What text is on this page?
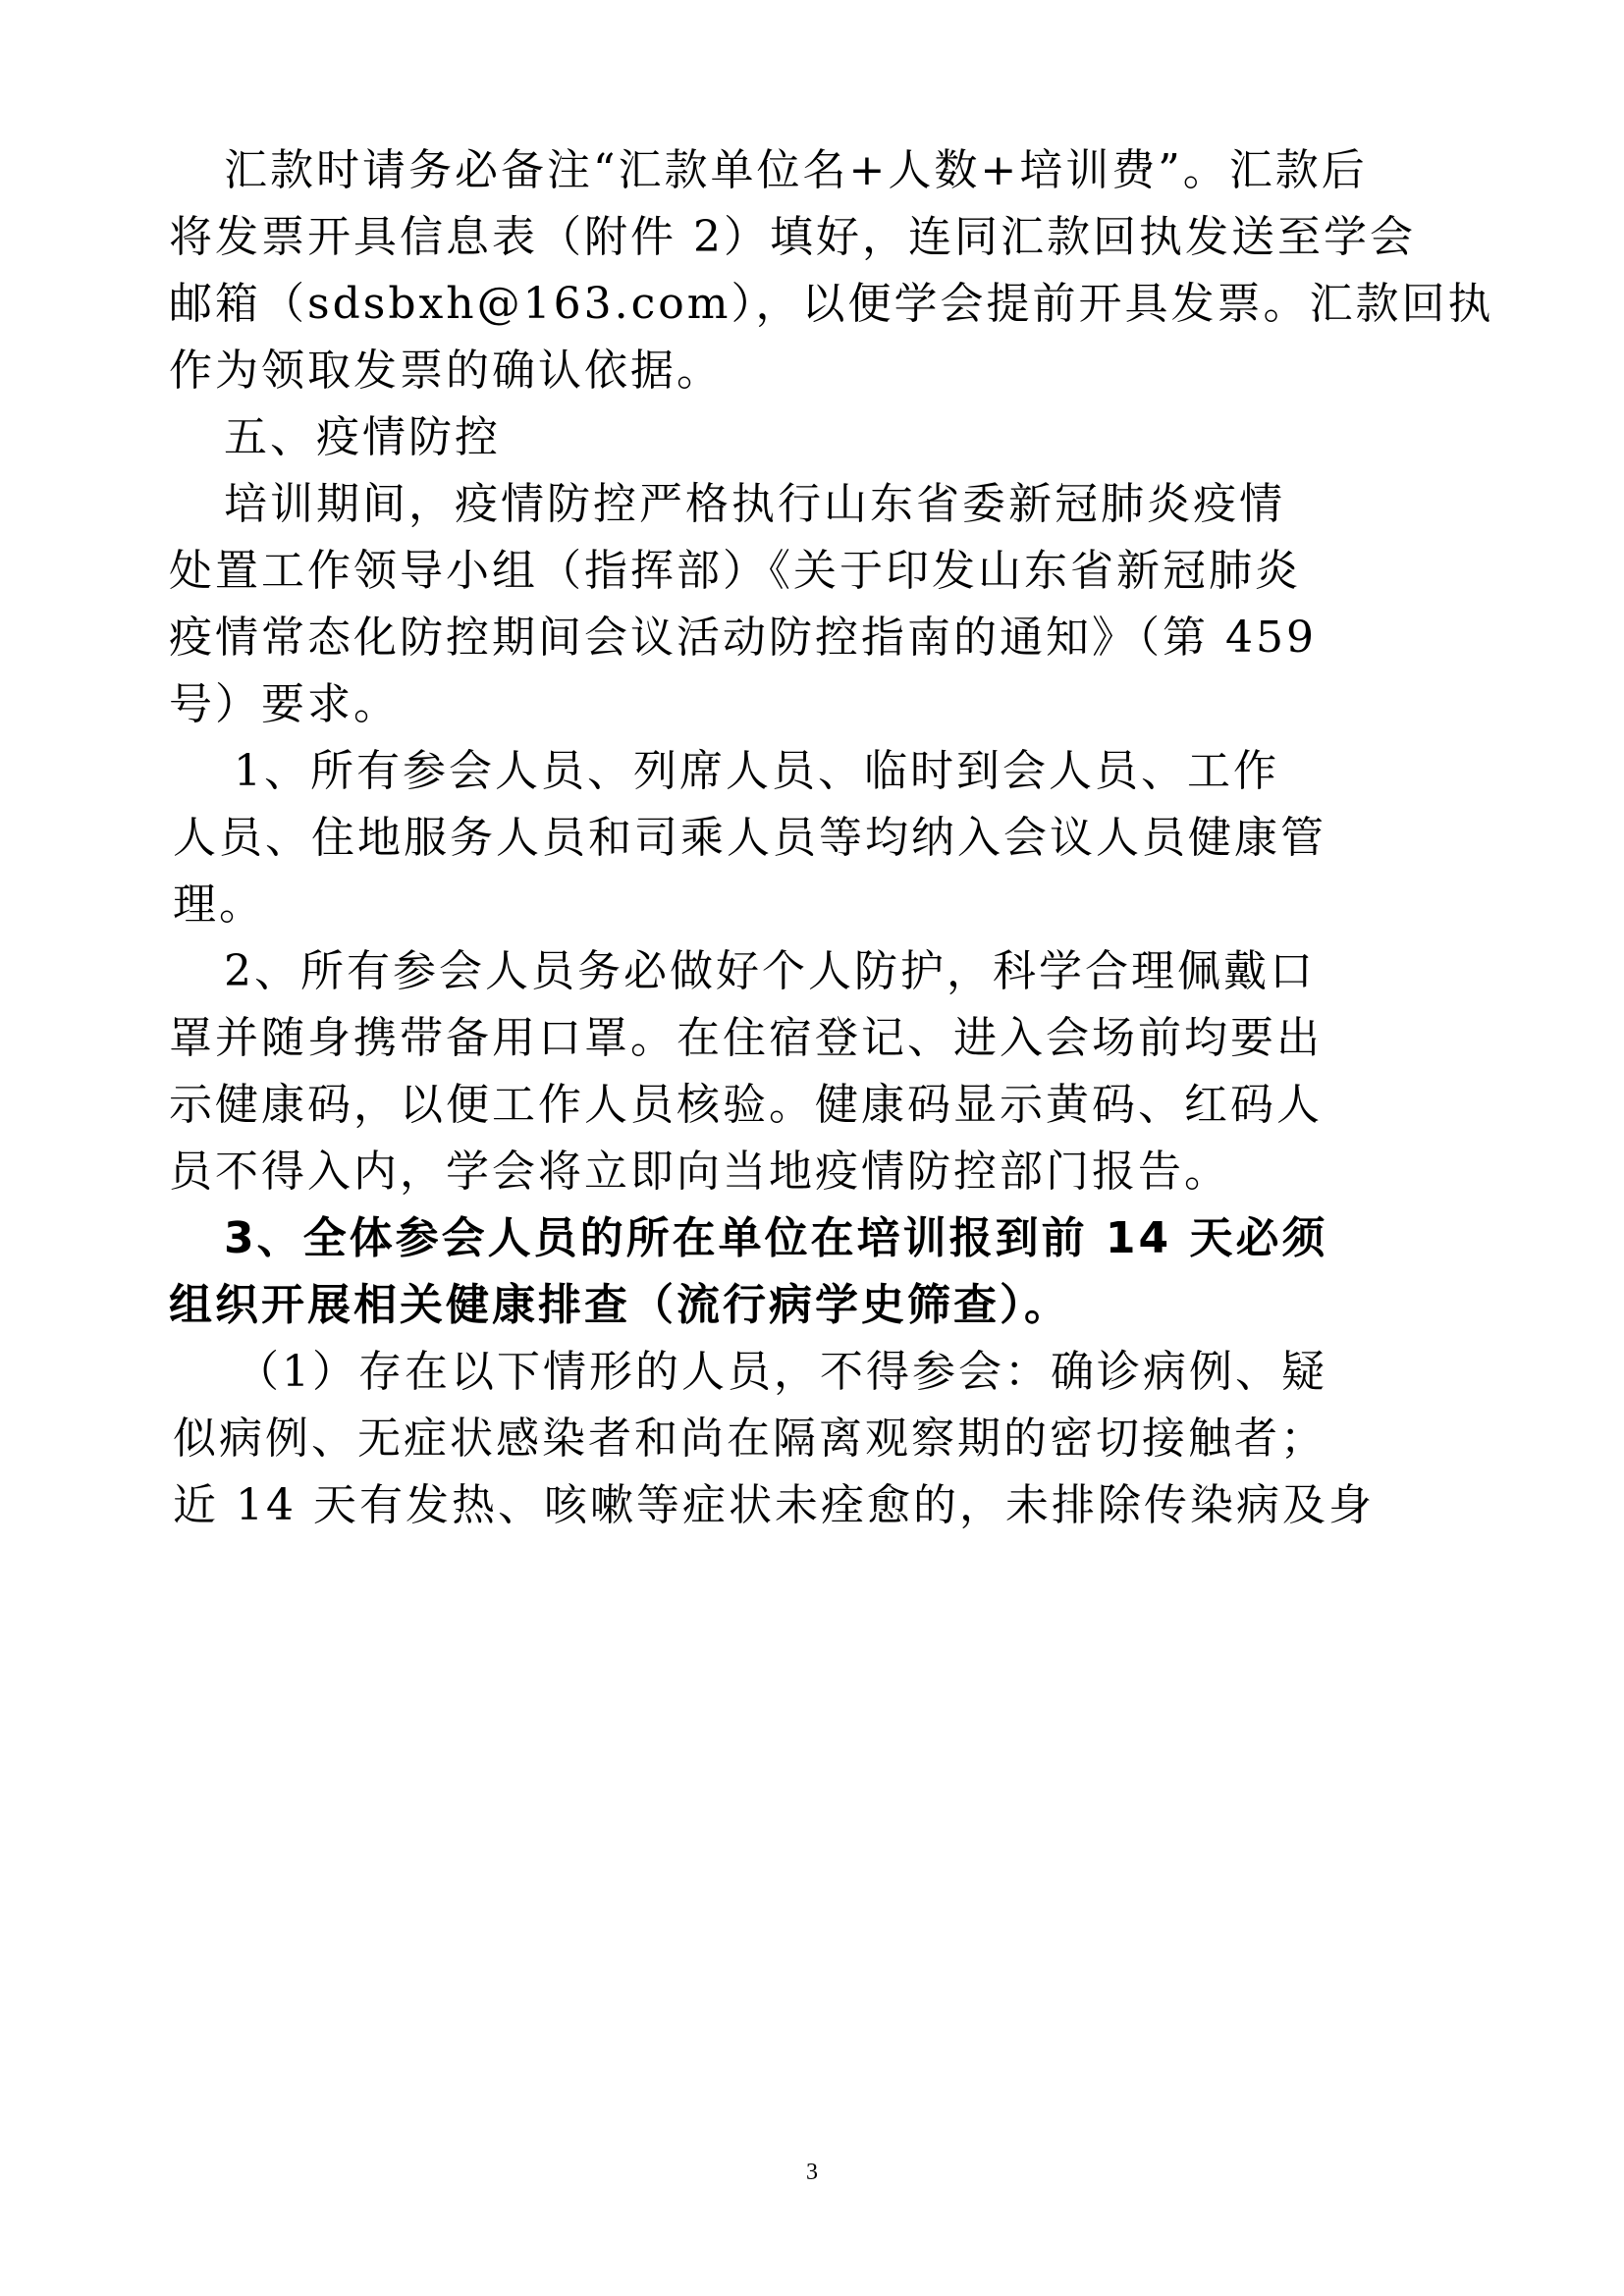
汇款时请务必备注“汇款单位名+人数+培训费”。汇款后
将发票开具信息表（附件 2）填好，连同汇款回执发送至学会
邮箱（sdsbxh@163.com），以便学会提前开具发票。汇款回执
作为领取发票的确认依据。
五、疫情防控
培训期间，疫情防控严格执行山东省委新冠肺炎疫情
处置工作领导小组（指挥部）《关于印发山东省新冠肺炎
疫情常态化防控期间会议活动防控指南的通知》（第 459
号）要求。
1、所有参会人员、列席人员、临时到会人员、工作
人员、住地服务人员和司乘人员等均纳入会议人员健康管
理。
2、所有参会人员务必做好个人防护，科学合理佩戴口
罩并随身携带备用口罩。在住宿登记、进入会场前均要出
示健康码，以便工作人员核验。健康码显示黄码、红码人
员不得入内，学会将立即向当地疫情防控部门报告。
3、全体参会人员的所在单位在培训报到前 14 天必须
组织开展相关健康排查（流行病学史筛查）。
（1）存在以下情形的人员，不得参会：确诊病例、疑
似病例、无症状感染者和尚在隔离观察期的密切接触者；
近 14 天有发热、咳嗽等症状未痊愈的，未排除传染病及身
3
